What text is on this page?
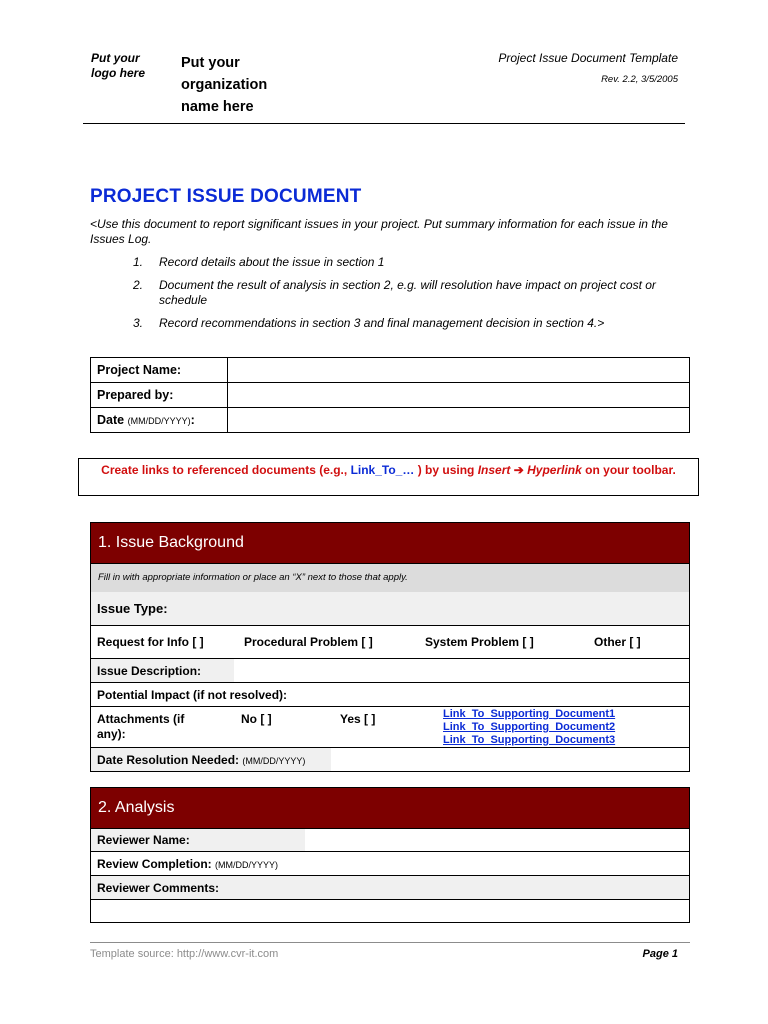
Put your
logo here
Put your
organization
name here
Project Issue Document Template
Rev. 2.2, 3/5/2005
PROJECT ISSUE DOCUMENT
<Use this document to report significant issues in your project. Put summary information for each issue in the Issues Log.
1.	Record details about the issue in section 1
2.	Document the result of analysis in section 2, e.g. will resolution have impact on project cost or schedule
3.	Record recommendations in section 3 and final management decision in section 4.>
Project Name:	
Prepared by:	
Date (MM/DD/YYYY):	
Create links to referenced documents (e.g., Link_To_… ) by using Insert ➔ Hyperlink on your toolbar.
1. Issue Background
Fill in with appropriate information or place an “X” next to those that apply.
Issue Type:
Request for Info [ ]	Procedural Problem [ ]	System Problem [ ]	Other [ ]
Issue Description:
Potential Impact (if not resolved):
Attachments (if any):
No [ ]	Yes [ ]	Link_To_Supporting_Document1
Link_To_Supporting_Document2
Link_To_Supporting_Document3
Date Resolution Needed: (MM/DD/YYYY)
2. Analysis
Reviewer Name:
Review Completion: (MM/DD/YYYY)
Reviewer Comments:
Template source: http://www.cvr-it.com	Page 1
